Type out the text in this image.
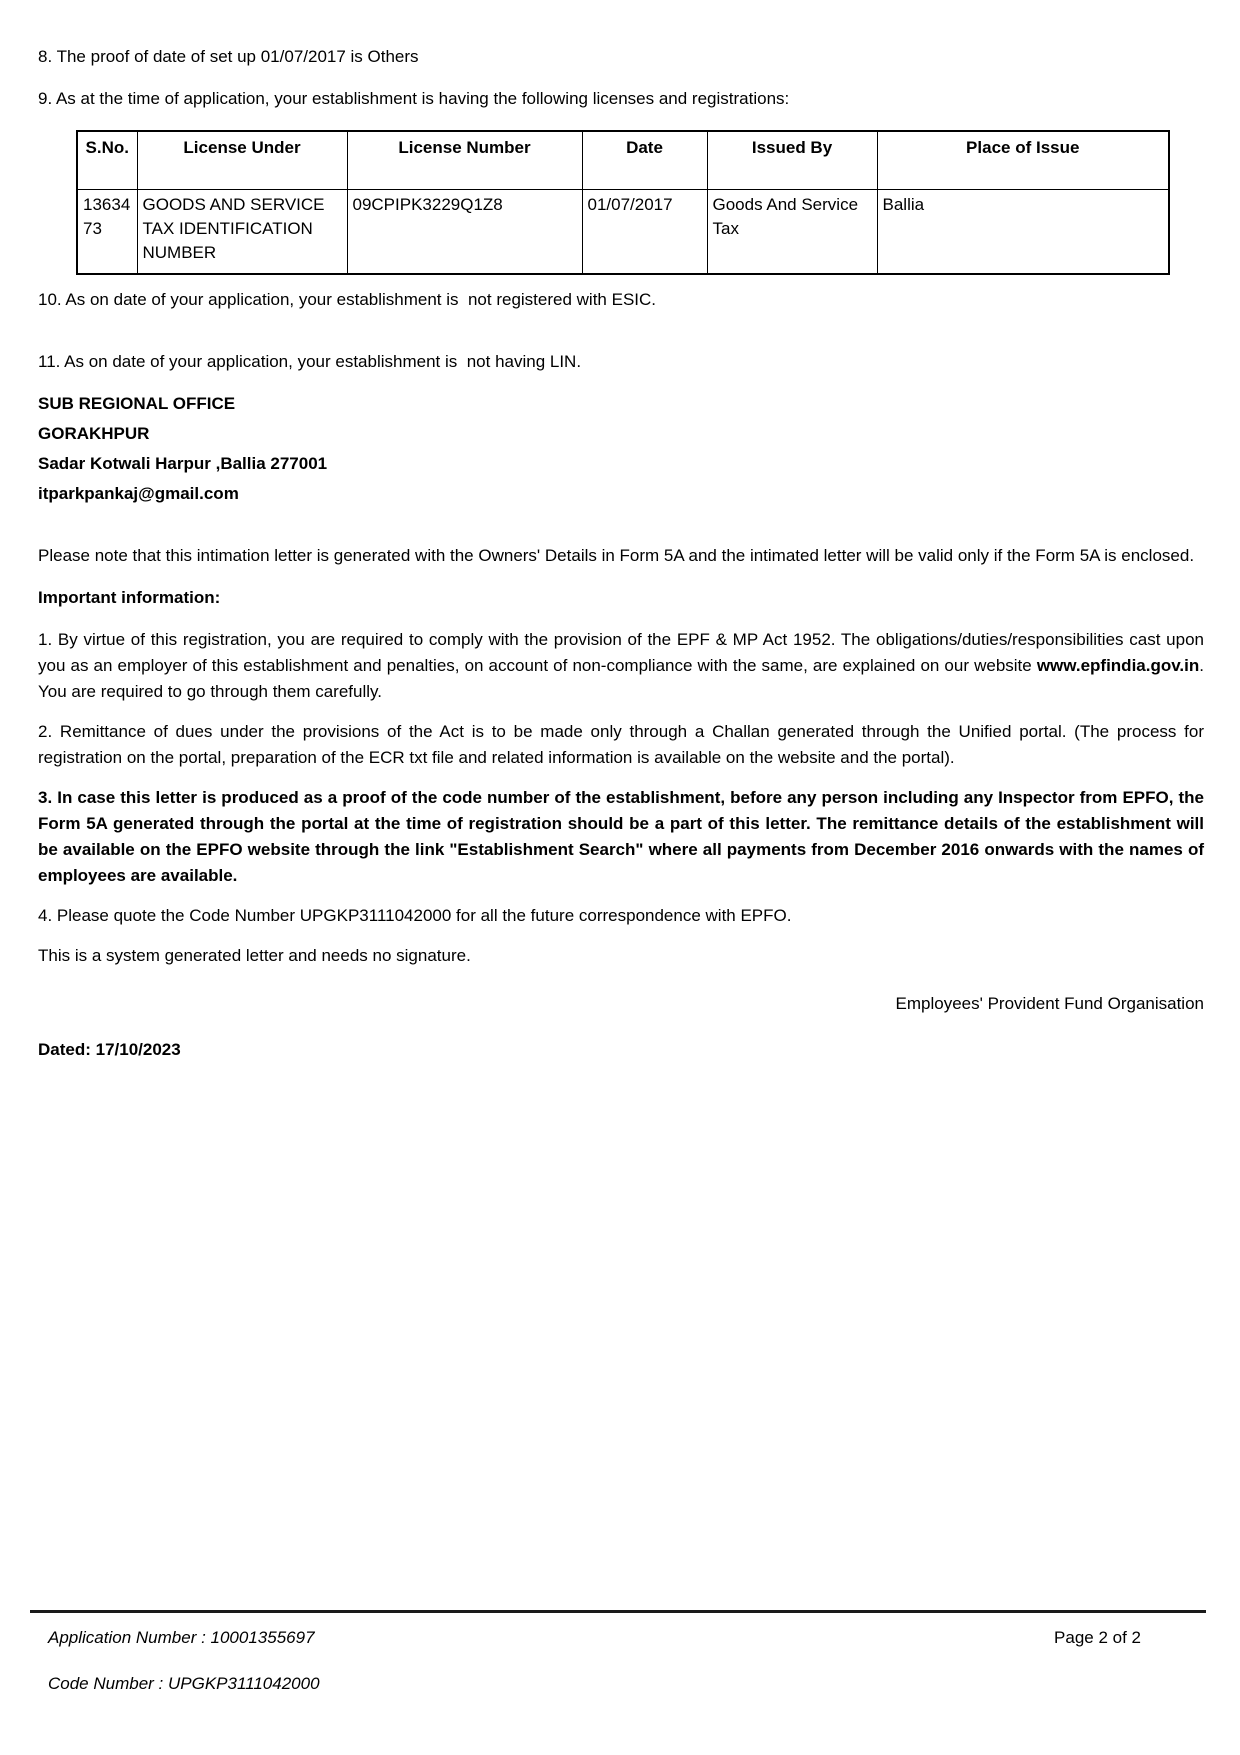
8. The proof of date of set up 01/07/2017 is Others

9. As at the time of application, your establishment is having the following licenses and registrations:

S.No.	License Under	License Number	Date	Issued By	Place of Issue
1363473	GOODS AND SERVICE TAX IDENTIFICATION NUMBER	09CPIPK3229Q1Z8	01/07/2017	Goods And Service Tax	Ballia

10. As on date of your application, your establishment is  not registered with ESIC.

11. As on date of your application, your establishment is  not having LIN.

SUB REGIONAL OFFICE

GORAKHPUR

Sadar Kotwali Harpur ,Ballia 277001

itparkpankaj@gmail.com

Please note that this intimation letter is generated with the Owners' Details in Form 5A and the intimated letter will be valid only if the Form 5A is enclosed.

Important information:

1. By virtue of this registration, you are required to comply with the provision of the EPF & MP Act 1952. The obligations/duties/responsibilities cast upon you as an employer of this establishment and penalties, on account of non-compliance with the same, are explained on our website www.epfindia.gov.in. You are required to go through them carefully.

2. Remittance of dues under the provisions of the Act is to be made only through a Challan generated through the Unified portal. (The process for registration on the portal, preparation of the ECR txt file and related information is available on the website and the portal).

3. In case this letter is produced as a proof of the code number of the establishment, before any person including any Inspector from EPFO, the Form 5A generated through the portal at the time of registration should be a part of this letter. The remittance details of the establishment will be available on the EPFO website through the link "Establishment Search" where all payments from December 2016 onwards with the names of employees are available.

4. Please quote the Code Number UPGKP3111042000 for all the future correspondence with EPFO.

This is a system generated letter and needs no signature.

Employees' Provident Fund Organisation

Dated: 17/10/2023

Application Number : 10001355697	Page 2 of 2
Code Number : UPGKP3111042000
